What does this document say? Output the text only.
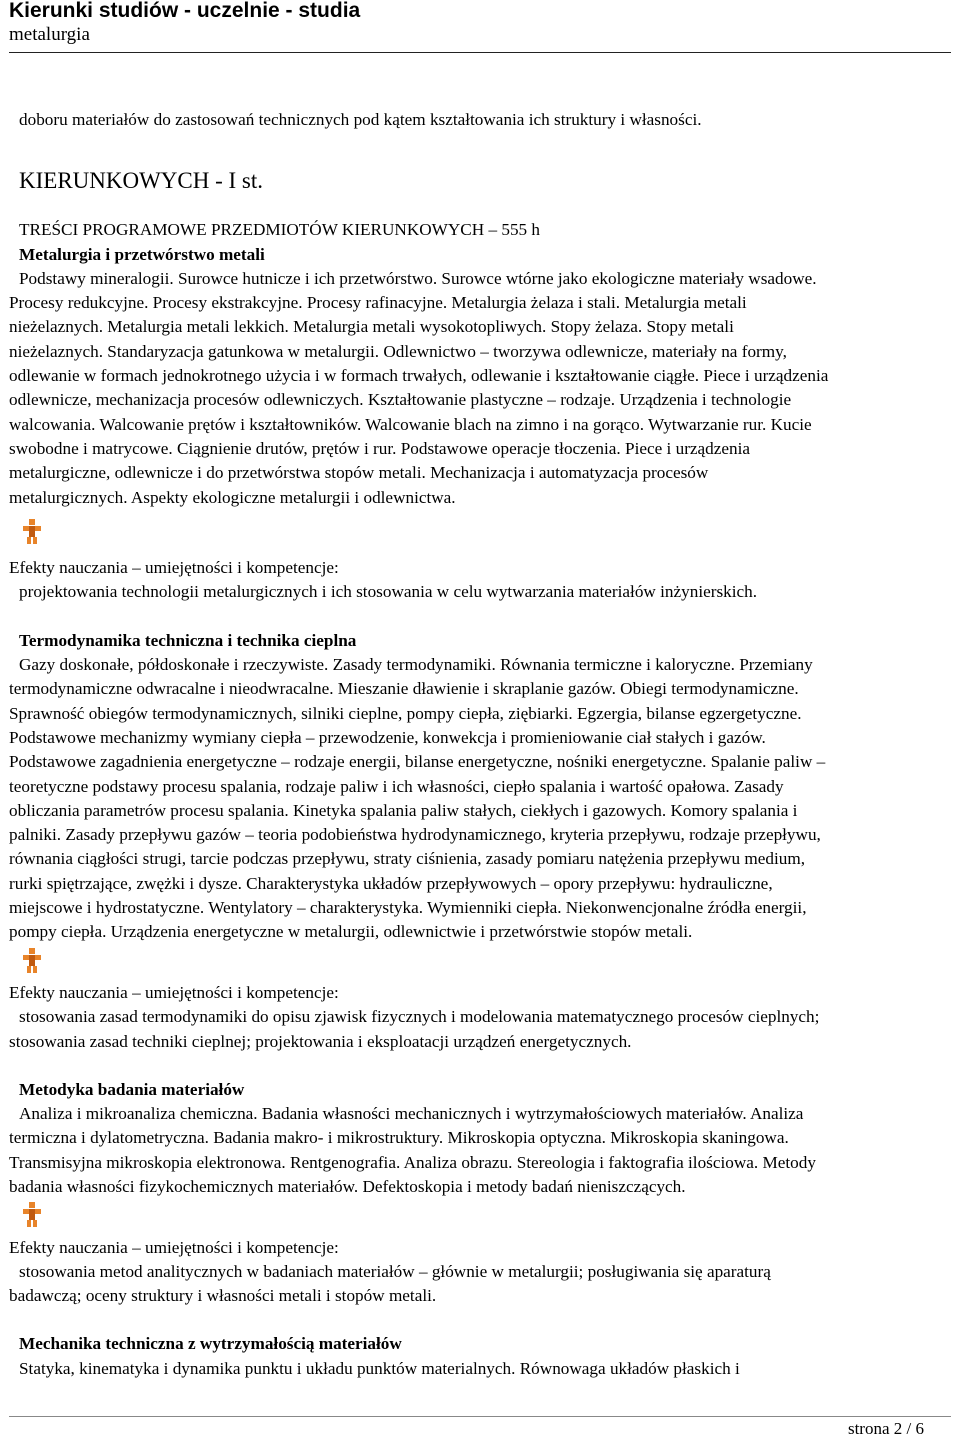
Kierunki studiów - uczelnie - studia
metalurgia

doboru materiałów do zastosowań technicznych pod kątem kształtowania ich struktury i własności.

KIERUNKOWYCH - I st.
TREŚCI PROGRAMOWE PRZEDMIOTÓW KIERUNKOWYCH – 555 h
Metalurgia i przetwórstwo metali
Podstawy mineralogii. Surowce hutnicze i ich przetwórstwo. Surowce wtórne jako ekologiczne materiały wsadowe.
Procesy redukcyjne. Procesy ekstrakcyjne. Procesy rafinacyjne. Metalurgia żelaza i stali. Metalurgia metali
nieżelaznych. Metalurgia metali lekkich. Metalurgia metali wysokotopliwych. Stopy żelaza. Stopy metali
nieżelaznych. Standaryzacja gatunkowa w metalurgii. Odlewnictwo – tworzywa odlewnicze, materiały na formy,
odlewanie w formach jednokrotnego użycia i w formach trwałych, odlewanie i kształtowanie ciągłe. Piece i urządzenia
odlewnicze, mechanizacja procesów odlewniczych. Kształtowanie plastyczne – rodzaje. Urządzenia i technologie
walcowania. Walcowanie prętów i kształtowników. Walcowanie blach na zimno i na gorąco. Wytwarzanie rur. Kucie
swobodne i matrycowe. Ciągnienie drutów, prętów i rur. Podstawowe operacje tłoczenia. Piece i urządzenia
metalurgiczne, odlewnicze i do przetwórstwa stopów metali. Mechanizacja i automatyzacja procesów
metalurgicznych. Aspekty ekologiczne metalurgii i odlewnictwa.
Efekty nauczania – umiejętności i kompetencje:
projektowania technologii metalurgicznych i ich stosowania w celu wytwarzania materiałów inżynierskich.
Termodynamika techniczna i technika cieplna
Gazy doskonałe, półdoskonałe i rzeczywiste. Zasady termodynamiki. Równania termiczne i kaloryczne. Przemiany
termodynamiczne odwracalne i nieodwracalne. Mieszanie dławienie i skraplanie gazów. Obiegi termodynamiczne.
Sprawność obiegów termodynamicznych, silniki cieplne, pompy ciepła, ziębiarki. Egzergia, bilanse egzergetyczne.
Podstawowe mechanizmy wymiany ciepła – przewodzenie, konwekcja i promieniowanie ciał stałych i gazów.
Podstawowe zagadnienia energetyczne – rodzaje energii, bilanse energetyczne, nośniki energetyczne. Spalanie paliw –
teoretyczne podstawy procesu spalania, rodzaje paliw i ich własności, ciepło spalania i wartość opałowa. Zasady
obliczania parametrów procesu spalania. Kinetyka spalania paliw stałych, ciekłych i gazowych. Komory spalania i
palniki. Zasady przepływu gazów – teoria podobieństwa hydrodynamicznego, kryteria przepływu, rodzaje przepływu,
równania ciągłości strugi, tarcie podczas przepływu, straty ciśnienia, zasady pomiaru natężenia przepływu medium,
rurki spiętrzające, zwężki i dysze. Charakterystyka układów przepływowych – opory przepływu: hydrauliczne,
miejscowe i hydrostatyczne. Wentylatory – charakterystyka. Wymienniki ciepła. Niekonwencjonalne źródła energii,
pompy ciepła. Urządzenia energetyczne w metalurgii, odlewnictwie i przetwórstwie stopów metali.
Efekty nauczania – umiejętności i kompetencje:
stosowania zasad termodynamiki do opisu zjawisk fizycznych i modelowania matematycznego procesów cieplnych;
stosowania zasad techniki cieplnej; projektowania i eksploatacji urządzeń energetycznych.
Metodyka badania materiałów
Analiza i mikroanaliza chemiczna. Badania własności mechanicznych i wytrzymałościowych materiałów. Analiza
termiczna i dylatometryczna. Badania makro- i mikrostruktury. Mikroskopia optyczna. Mikroskopia skaningowa.
Transmisyjna mikroskopia elektronowa. Rentgenografia. Analiza obrazu. Stereologia i faktografia ilościowa. Metody
badania własności fizykochemicznych materiałów. Defektoskopia i metody badań nieniszczących.
Efekty nauczania – umiejętności i kompetencje:
stosowania metod analitycznych w badaniach materiałów – głównie w metalurgii; posługiwania się aparaturą
badawczą; oceny struktury i własności metali i stopów metali.
Mechanika techniczna z wytrzymałością materiałów
Statyka, kinematyka i dynamika punktu i układu punktów materialnych. Równowaga układów płaskich i
strona 2 / 6
